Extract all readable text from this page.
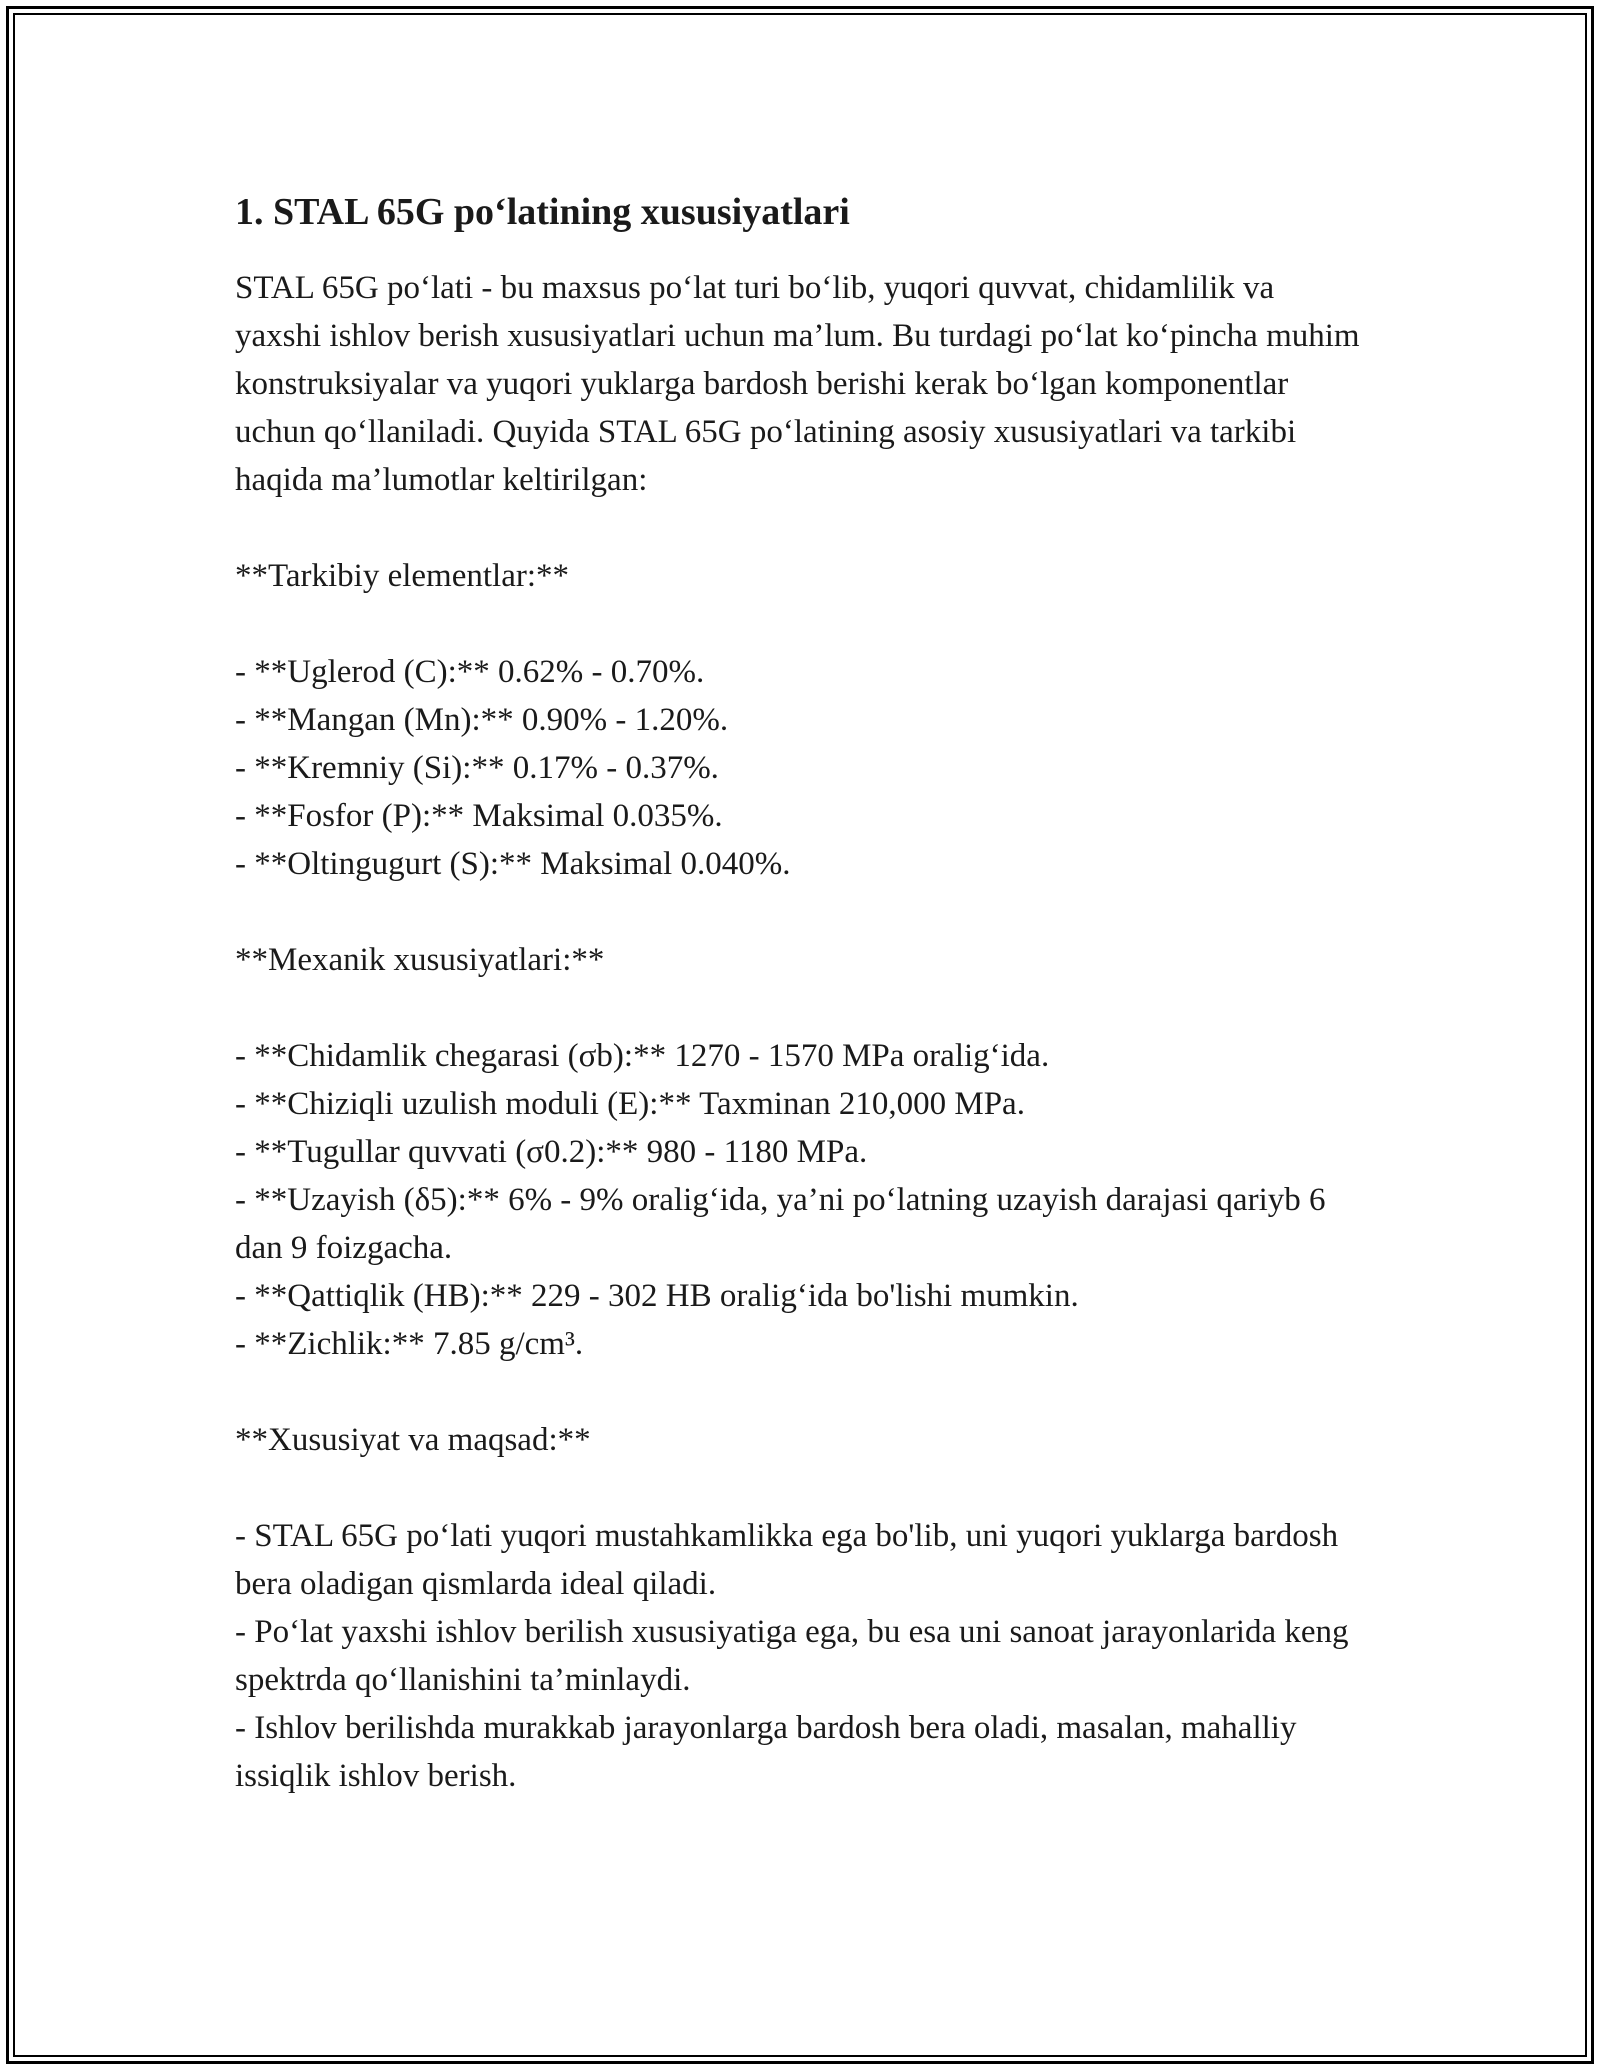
1. STAL 65G po‘latining xususiyatlari

STAL 65G po‘lati - bu maxsus po‘lat turi bo‘lib, yuqori quvvat, chidamlilik va yaxshi ishlov berish xususiyatlari uchun ma’lum. Bu turdagi po‘lat ko‘pincha muhim konstruksiyalar va yuqori yuklarga bardosh berishi kerak bo‘lgan komponentlar uchun qo‘llaniladi. Quyida STAL 65G po‘latining asosiy xususiyatlari va tarkibi haqida ma’lumotlar keltirilgan:

**Tarkibiy elementlar:**

- **Uglerod (C):** 0.62% - 0.70%.

- **Mangan (Mn):** 0.90% - 1.20%.

- **Kremniy (Si):** 0.17% - 0.37%.

- **Fosfor (P):** Maksimal 0.035%.

- **Oltingugurt (S):** Maksimal 0.040%.

**Mexanik xususiyatlari:**

- **Chidamlik chegarasi (σb):** 1270 - 1570 MPa oralig‘ida.

- **Chiziqli uzulish moduli (E):** Taxminan 210,000 MPa.

- **Tugullar quvvati (σ0.2):** 980 - 1180 MPa.

- **Uzayish (δ5):** 6% - 9% oralig‘ida, ya’ni po‘latning uzayish darajasi qariyb 6 dan 9 foizgacha.

- **Qattiqlik (HB):** 229 - 302 HB oralig‘ida bo'lishi mumkin.

- **Zichlik:** 7.85 g/cm³.

**Xususiyat va maqsad:**

- STAL 65G po‘lati yuqori mustahkamlikka ega bo'lib, uni yuqori yuklarga bardosh bera oladigan qismlarda ideal qiladi.

- Po‘lat yaxshi ishlov berilish xususiyatiga ega, bu esa uni sanoat jarayonlarida keng spektrda qo‘llanishini ta’minlaydi.

- Ishlov berilishda murakkab jarayonlarga bardosh bera oladi, masalan, mahalliy issiqlik ishlov berish.
